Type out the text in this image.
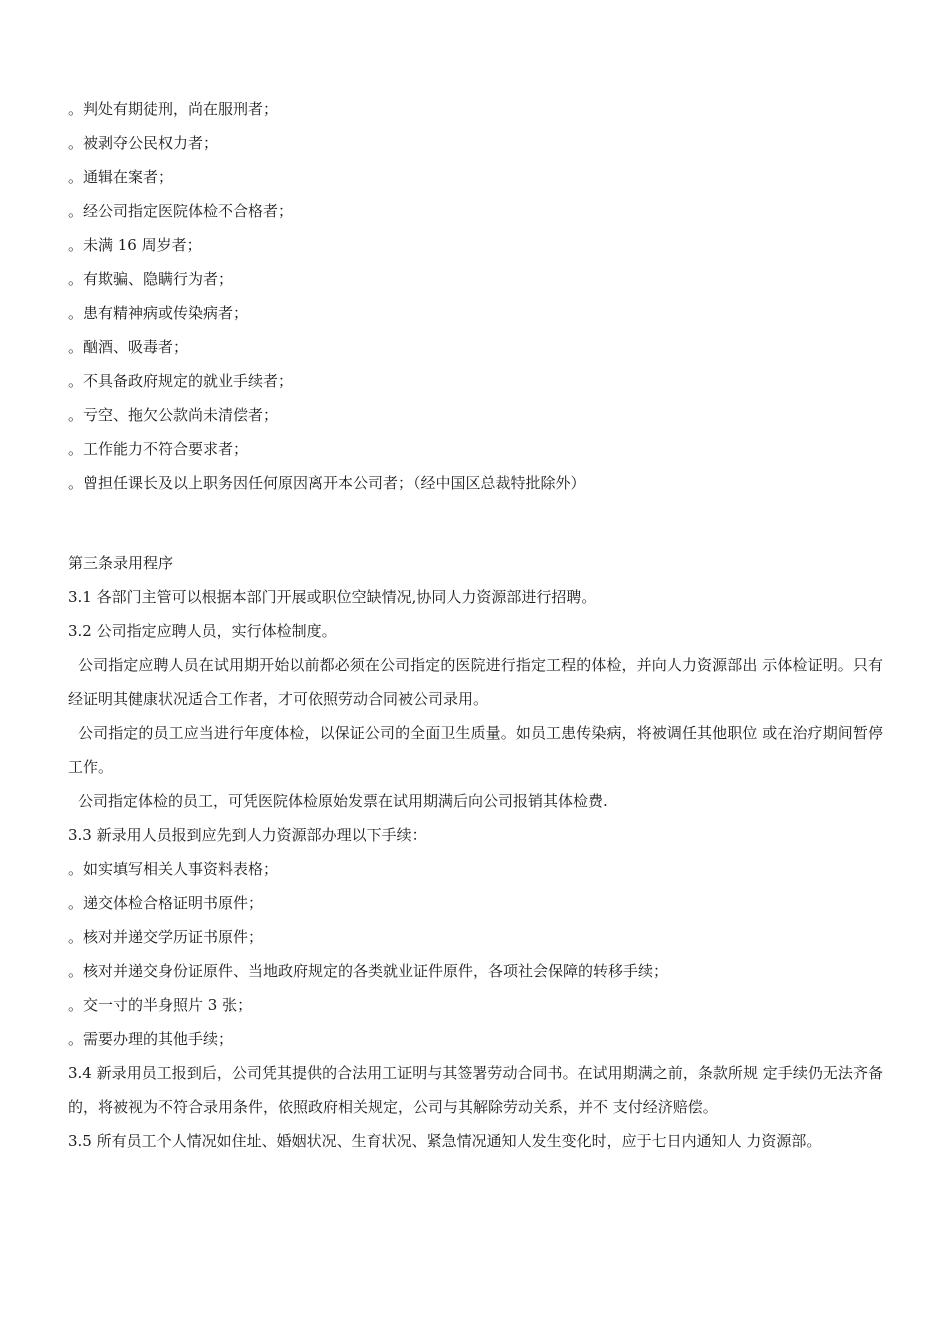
。判处有期徒刑，尚在服刑者；

。被剥夺公民权力者；

。通辑在案者；

。经公司指定医院体检不合格者；

。未满 16 周岁者；

。有欺骗、隐瞒行为者；

。患有精神病或传染病者；

。酗酒、吸毒者；

。不具备政府规定的就业手续者；

。亏空、拖欠公款尚未清偿者；

。工作能力不符合要求者；

。曾担任课长及以上职务因任何原因离开本公司者；（经中国区总裁特批除外）

第三条录用程序

3.1 各部门主管可以根据本部门开展或职位空缺情况,协同人力资源部进行招聘。

3.2 公司指定应聘人员，实行体检制度。

公司指定应聘人员在试用期开始以前都必须在公司指定的医院进行指定工程的体检，并向人力资源部出 示体检证明。只有经证明其健康状况适合工作者，才可依照劳动合同被公司录用。

公司指定的员工应当进行年度体检，以保证公司的全面卫生质量。如员工患传染病，将被调任其他职位 或在治疗期间暂停工作。

公司指定体检的员工，可凭医院体检原始发票在试用期满后向公司报销其体检费.

3.3 新录用人员报到应先到人力资源部办理以下手续：

。如实填写相关人事资料表格；

。递交体检合格证明书原件；

。核对并递交学历证书原件；

。核对并递交身份证原件、当地政府规定的各类就业证件原件，各项社会保障的转移手续；

。交一寸的半身照片 3 张；

。需要办理的其他手续；

3.4 新录用员工报到后，公司凭其提供的合法用工证明与其签署劳动合同书。在试用期满之前，条款所规 定手续仍无法齐备的，将被视为不符合录用条件，依照政府相关规定，公司与其解除劳动关系，并不 支付经济赔偿。

3.5 所有员工个人情况如住址、婚姻状况、生育状况、紧急情况通知人发生变化时，应于七日内通知人 力资源部。
